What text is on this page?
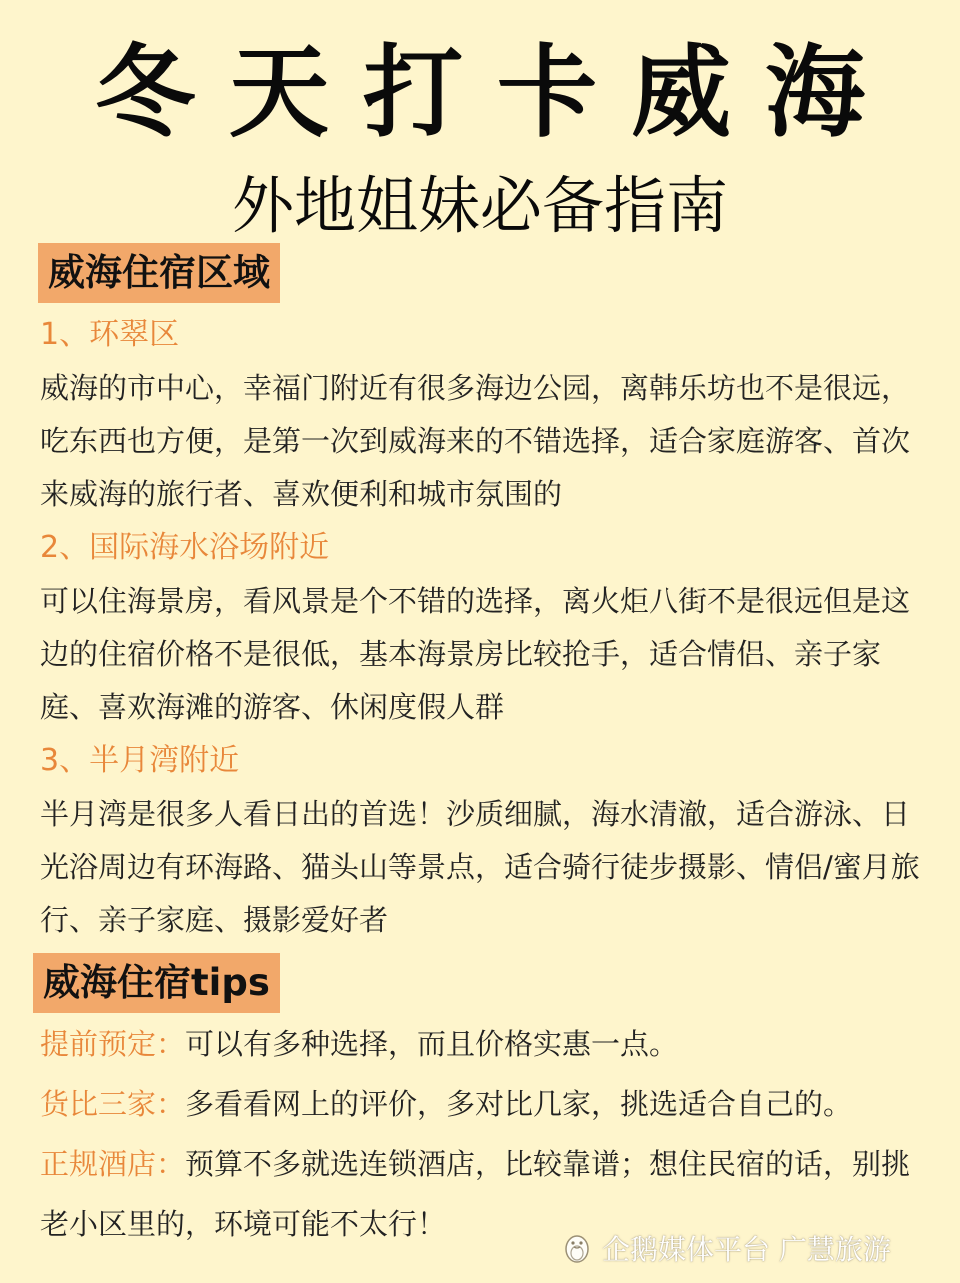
冬天打卡威海
外地姐妹必备指南
威海住宿区域
1、环翠区

威海的市中心，幸福门附近有很多海边公园，离韩乐坊也不是很远，吃东西也方便，是第一次到威海来的不错选择，适合家庭游客、首次来威海的旅行者、喜欢便利和城市氛围的

2、国际海水浴场附近

可以住海景房，看风景是个不错的选择，离火炬八街不是很远但是这边的住宿价格不是很低，基本海景房比较抢手，适合情侣、亲子家庭、喜欢海滩的游客、休闲度假人群

3、半月湾附近

半月湾是很多人看日出的首选！沙质细腻，海水清澈，适合游泳、日光浴周边有环海路、猫头山等景点，适合骑行徒步摄影、情侣/蜜月旅行、亲子家庭、摄影爱好者

威海住宿tips

提前预定：可以有多种选择，而且价格实惠一点。

货比三家：多看看网上的评价，多对比几家，挑选适合自己的。

正规酒店：预算不多就选连锁酒店，比较靠谱；想住民宿的话，别挑老小区里的，环境可能不太行！

企鹅媒体平台 广慧旅游
